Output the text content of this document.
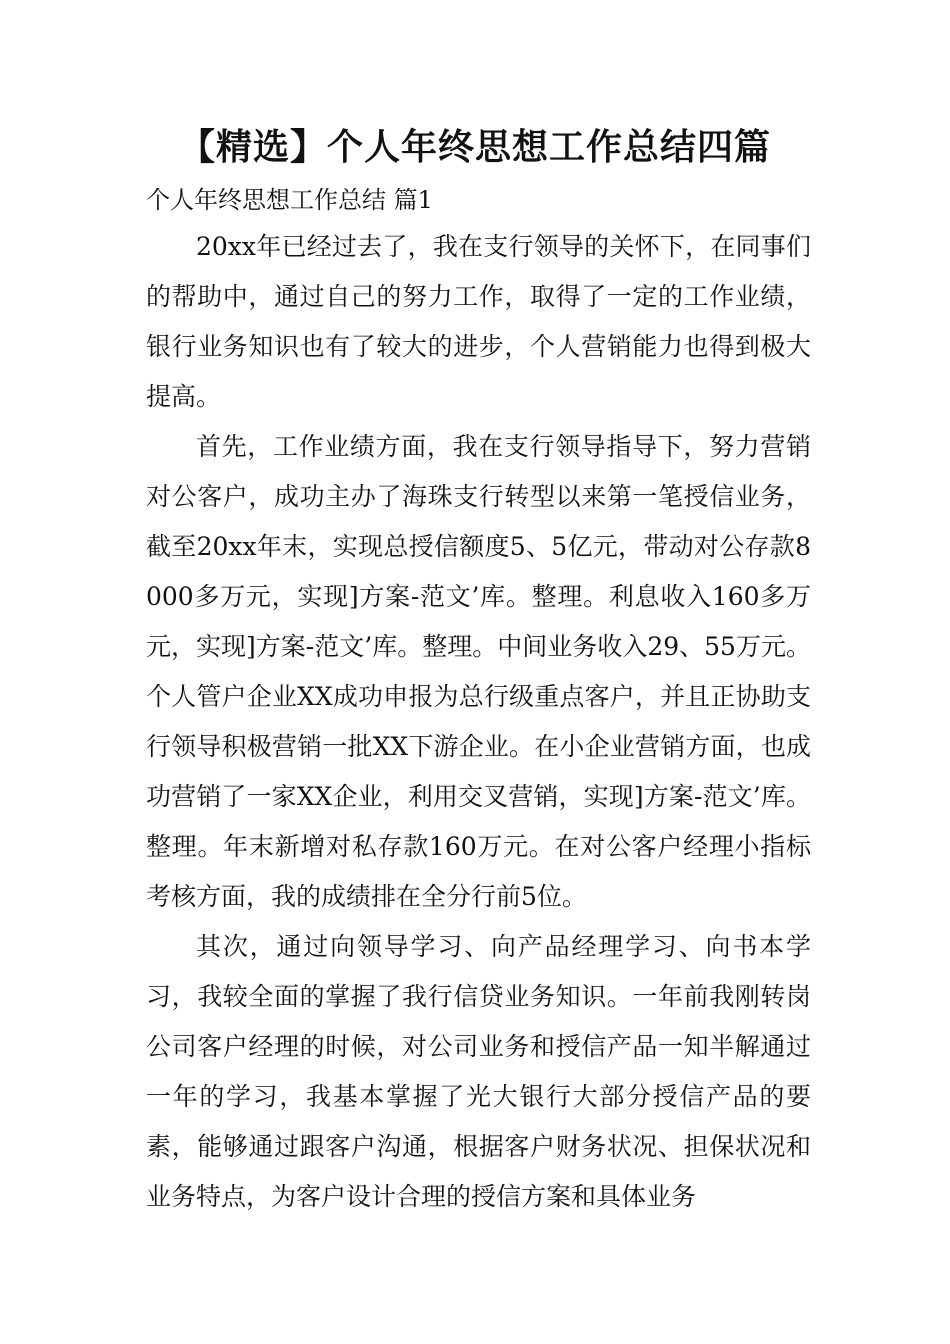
【精选】个人年终思想工作总结四篇
个人年终思想工作总结 篇1

20xx年已经过去了，我在支行领导的关怀下，在同事们的帮助中，通过自己的努力工作，取得了一定的工作业绩，银行业务知识也有了较大的进步，个人营销能力也得到极大提高。

首先，工作业绩方面，我在支行领导指导下，努力营销对公客户，成功主办了海珠支行转型以来第一笔授信业务，截至20xx年末，实现总授信额度5、5亿元，带动对公存款8000多万元，实现]方案-范文’库。整理。利息收入160多万元，实现]方案-范文’库。整理。中间业务收入29、55万元。个人管户企业XX成功申报为总行级重点客户，并且正协助支行领导积极营销一批XX下游企业。在小企业营销方面，也成功营销了一家XX企业，利用交叉营销，实现]方案-范文’库。整理。年末新增对私存款160万元。在对公客户经理小指标考核方面，我的成绩排在全分行前5位。

其次，通过向领导学习、向产品经理学习、向书本学习，我较全面的掌握了我行信贷业务知识。一年前我刚转岗公司客户经理的时候，对公司业务和授信产品一知半解通过一年的学习，我基本掌握了光大银行大部分授信产品的要素，能够通过跟客户沟通，根据客户财务状况、担保状况和业务特点，为客户设计合理的授信方案和具体业务
